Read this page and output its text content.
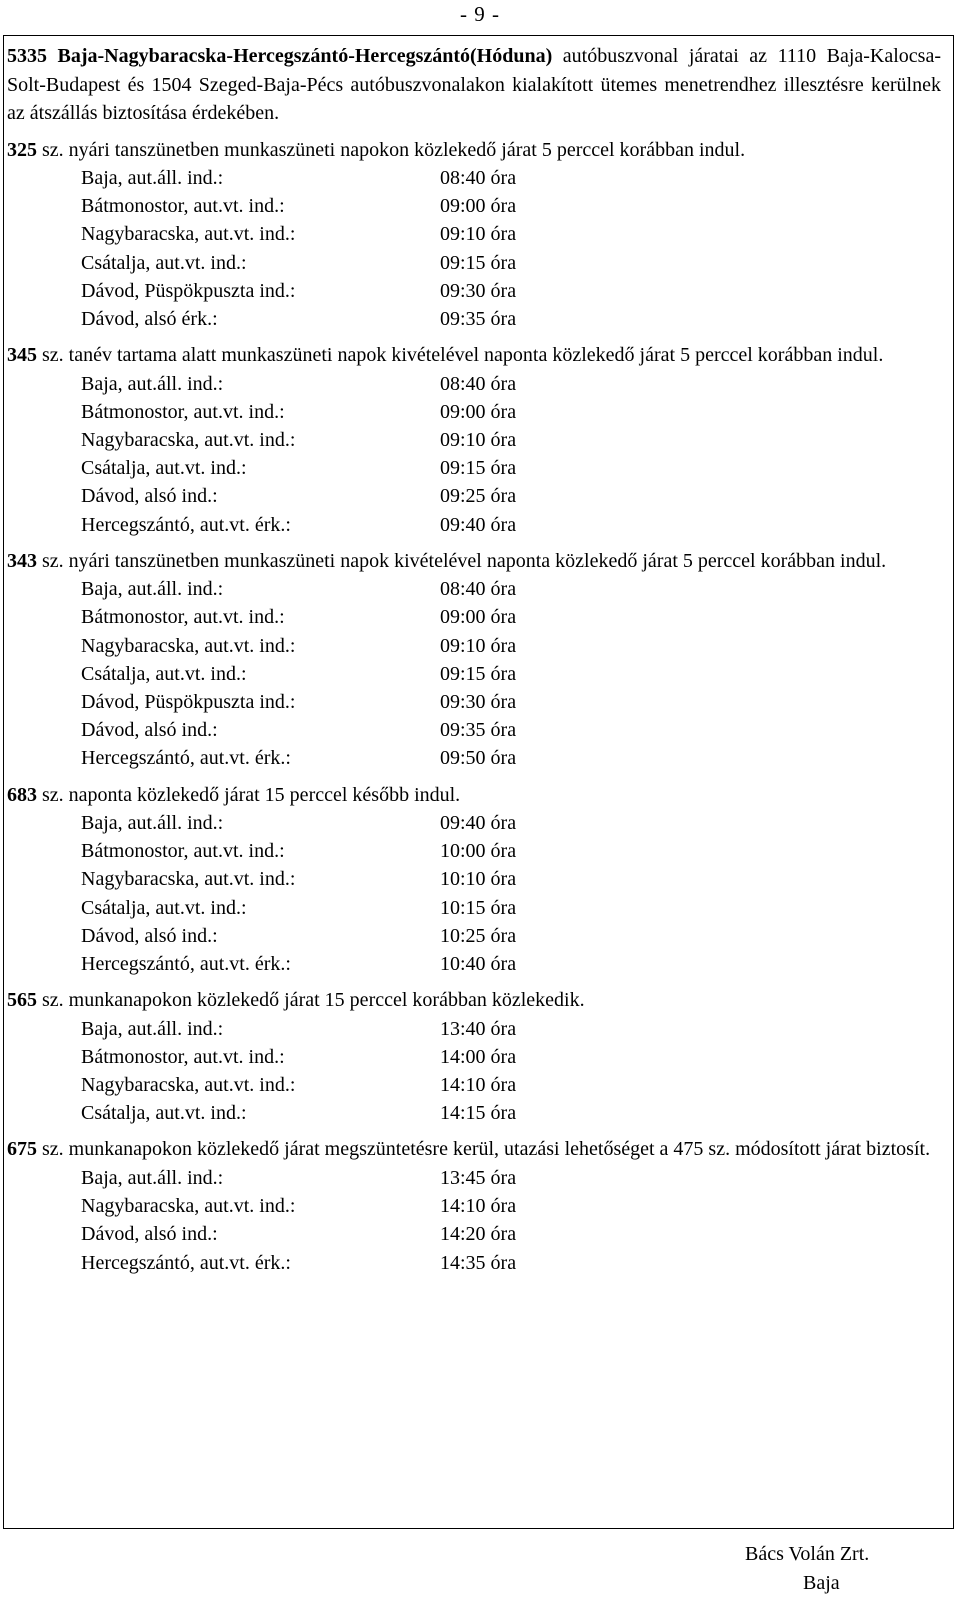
- 9 -
5335 Baja-Nagybaracska-Hercegszántó-Hercegszántó(Hóduna) autóbuszvonal járatai az 1110 Baja-Kalocsa-Solt-Budapest és 1504 Szeged-Baja-Pécs autóbuszvonalakon kialakított ütemes menetrendhez illesztésre kerülnek az átszállás biztosítása érdekében.
325 sz. nyári tanszünetben munkaszüneti napokon közlekedő járat 5 perccel korábban indul.
Baja, aut.áll. ind.:	08:40 óra
Bátmonostor, aut.vt. ind.:	09:00 óra
Nagybaracska, aut.vt. ind.:	09:10 óra
Csátalja, aut.vt. ind.:	09:15 óra
Dávod, Püspökpuszta ind.:	09:30 óra
Dávod, alsó érk.:	09:35 óra
345 sz. tanév tartama alatt munkaszüneti napok kivételével naponta közlekedő járat 5 perccel korábban indul.
Baja, aut.áll. ind.:	08:40 óra
Bátmonostor, aut.vt. ind.:	09:00 óra
Nagybaracska, aut.vt. ind.:	09:10 óra
Csátalja, aut.vt. ind.:	09:15 óra
Dávod, alsó ind.:	09:25 óra
Hercegszántó, aut.vt. érk.:	09:40 óra
343 sz. nyári tanszünetben munkaszüneti napok kivételével naponta közlekedő járat 5 perccel korábban indul.
Baja, aut.áll. ind.:	08:40 óra
Bátmonostor, aut.vt. ind.:	09:00 óra
Nagybaracska, aut.vt. ind.:	09:10 óra
Csátalja, aut.vt. ind.:	09:15 óra
Dávod, Püspökpuszta ind.:	09:30 óra
Dávod, alsó ind.:	09:35 óra
Hercegszántó, aut.vt. érk.:	09:50 óra
683 sz. naponta közlekedő járat 15 perccel később indul.
Baja, aut.áll. ind.:	09:40 óra
Bátmonostor, aut.vt. ind.:	10:00 óra
Nagybaracska, aut.vt. ind.:	10:10 óra
Csátalja, aut.vt. ind.:	10:15 óra
Dávod, alsó ind.:	10:25 óra
Hercegszántó, aut.vt. érk.:	10:40 óra
565 sz. munkanapokon közlekedő járat 15 perccel korábban közlekedik.
Baja, aut.áll. ind.:	13:40 óra
Bátmonostor, aut.vt. ind.:	14:00 óra
Nagybaracska, aut.vt. ind.:	14:10 óra
Csátalja, aut.vt. ind.:	14:15 óra
675 sz. munkanapokon közlekedő járat megszüntetésre kerül, utazási lehetőséget a 475 sz. módosított járat biztosít.
Baja, aut.áll. ind.:	13:45 óra
Nagybaracska, aut.vt. ind.:	14:10 óra
Dávod, alsó ind.:	14:20 óra
Hercegszántó, aut.vt. érk.:	14:35 óra
Bács Volán Zrt.
Baja
